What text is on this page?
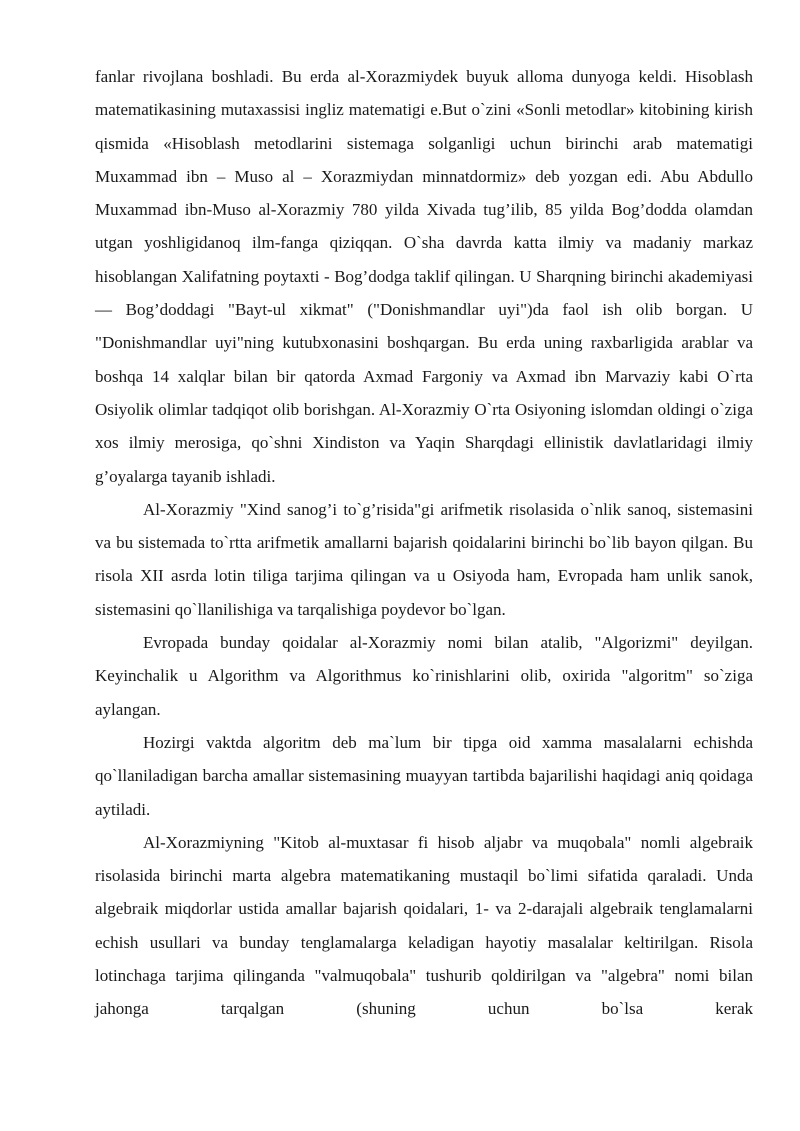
fanlar rivojlana boshladi. Bu erda al-Xorazmiydek buyuk alloma dunyoga keldi. Hisoblash matematikasining mutaxassisi ingliz matematigi e.But o`zini «Sonli metodlar» kitobining kirish qismida «Hisoblash metodlarini sistemaga solganligi uchun birinchi arab matematigi Muxammad ibn – Muso al – Xorazmiydan minnatdormiz» deb yozgan edi. Abu Abdullo Muxammad ibn-Muso al-Xorazmiy 780 yilda Xivada tug’ilib, 85 yilda Bog’dodda olamdan utgan yoshligidanoq ilm-fanga qiziqqan. O`sha davrda katta ilmiy va madaniy markaz hisoblangan Xalifatning poytaxti - Bog’dodga taklif qilingan. U Sharqning birinchi akademiyasi — Bog’doddagi "Bayt-ul xikmat" ("Donishmandlar uyi")da faol ish olib borgan. U "Donishmandlar uyi"ning kutubxonasini boshqargan. Bu erda uning raxbarligida arablar va boshqa 14 xalqlar bilan bir qatorda Axmad Fargoniy va Axmad ibn Marvaziy kabi O`rta Osiyolik olimlar tadqiqot olib borishgan. Al-Xorazmiy O`rta Osiyoning islomdan oldingi o`ziga xos ilmiy merosiga, qo`shni Xindiston va Yaqin Sharqdagi ellinistik davlatlaridagi ilmiy g’oyalarga tayanib ishladi.

Al-Xorazmiy "Xind sanog’i to`g’risida"gi arifmetik risolasida o`nlik sanoq, sistemasini va bu sistemada to`rtta arifmetik amallarni bajarish qoidalarini birinchi bo`lib bayon qilgan. Bu risola XII asrda lotin tiliga tarjima qilingan va u Osiyoda ham, Evropada ham unlik sanok, sistemasini qo`llanilishiga va tarqalishiga poydevor bo`lgan.

Evropada bunday qoidalar al-Xorazmiy nomi bilan atalib, "Algorizmi" deyilgan. Keyinchalik u Algorithm va Algorithmus ko`rinishlarini olib, oxirida "algoritm" so`ziga aylangan.

Hozirgi vaktda algoritm deb ma`lum bir tipga oid xamma masalalarni echishda qo`llaniladigan barcha amallar sistemasining muayyan tartibda bajarilishi haqidagi aniq qoidaga aytiladi.

Al-Xorazmiyning "Kitob al-muxtasar fi hisob aljabr va muqobala" nomli algebraik risolasida birinchi marta algebra matematikaning mustaqil bo`limi sifatida qaraladi. Unda algebraik miqdorlar ustida amallar bajarish qoidalari, 1- va 2-darajali algebraik tenglamalarni echish usullari va bunday tenglamalarga keladigan hayotiy masalalar keltirilgan. Risola lotinchaga tarjima qilinganda "valmuqobala" tushurib qoldirilgan va "algebra" nomi bilan jahonga tarqalgan (shuning uchun bo`lsa kerak
